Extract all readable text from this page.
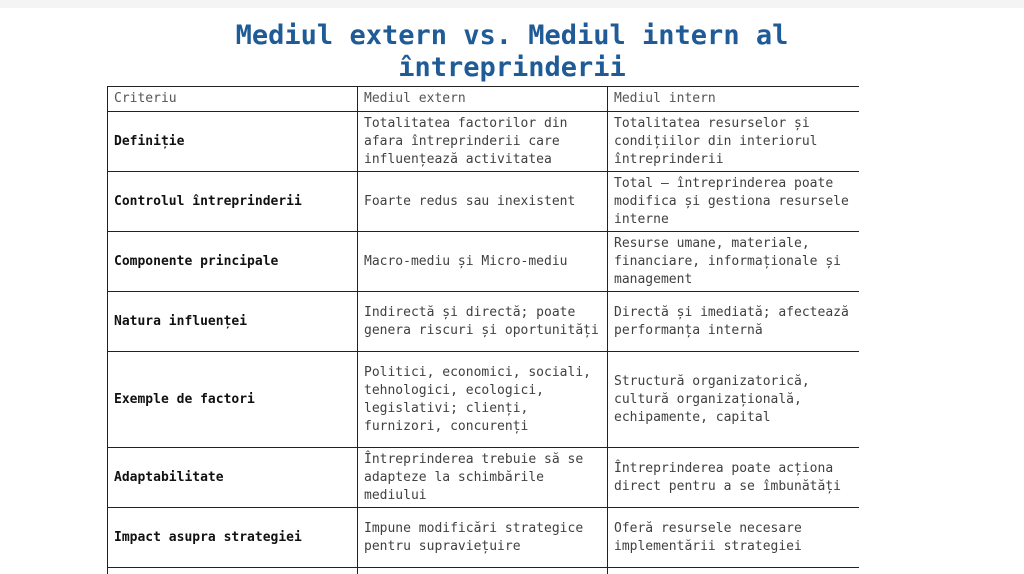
Mediul extern vs. Mediul intern al
întreprinderii
Criteriu	Mediul extern	Mediul intern
Definiție	Totalitatea factorilor din afara întreprinderii care influențează activitatea	Totalitatea resurselor și condițiilor din interiorul întreprinderii
Controlul întreprinderii	Foarte redus sau inexistent	Total – întreprinderea poate modifica și gestiona resursele interne
Componente principale	Macro-mediu și Micro-mediu	Resurse umane, materiale, financiare, informaționale și management
Natura influenței	Indirectă și directă; poate genera riscuri și oportunități	Directă și imediată; afectează performanța internă
Exemple de factori	Politici, economici, sociali, tehnologici, ecologici, legislativi; clienți, furnizori, concurenți	Structură organizatorică, cultură organizațională, echipamente, capital
Adaptabilitate	Întreprinderea trebuie să se adapteze la schimbările mediului	Întreprinderea poate acționa direct pentru a se îmbunătăți
Impact asupra strategiei	Impune modificări strategice pentru supraviețuire	Oferă resursele necesare implementării strategiei
